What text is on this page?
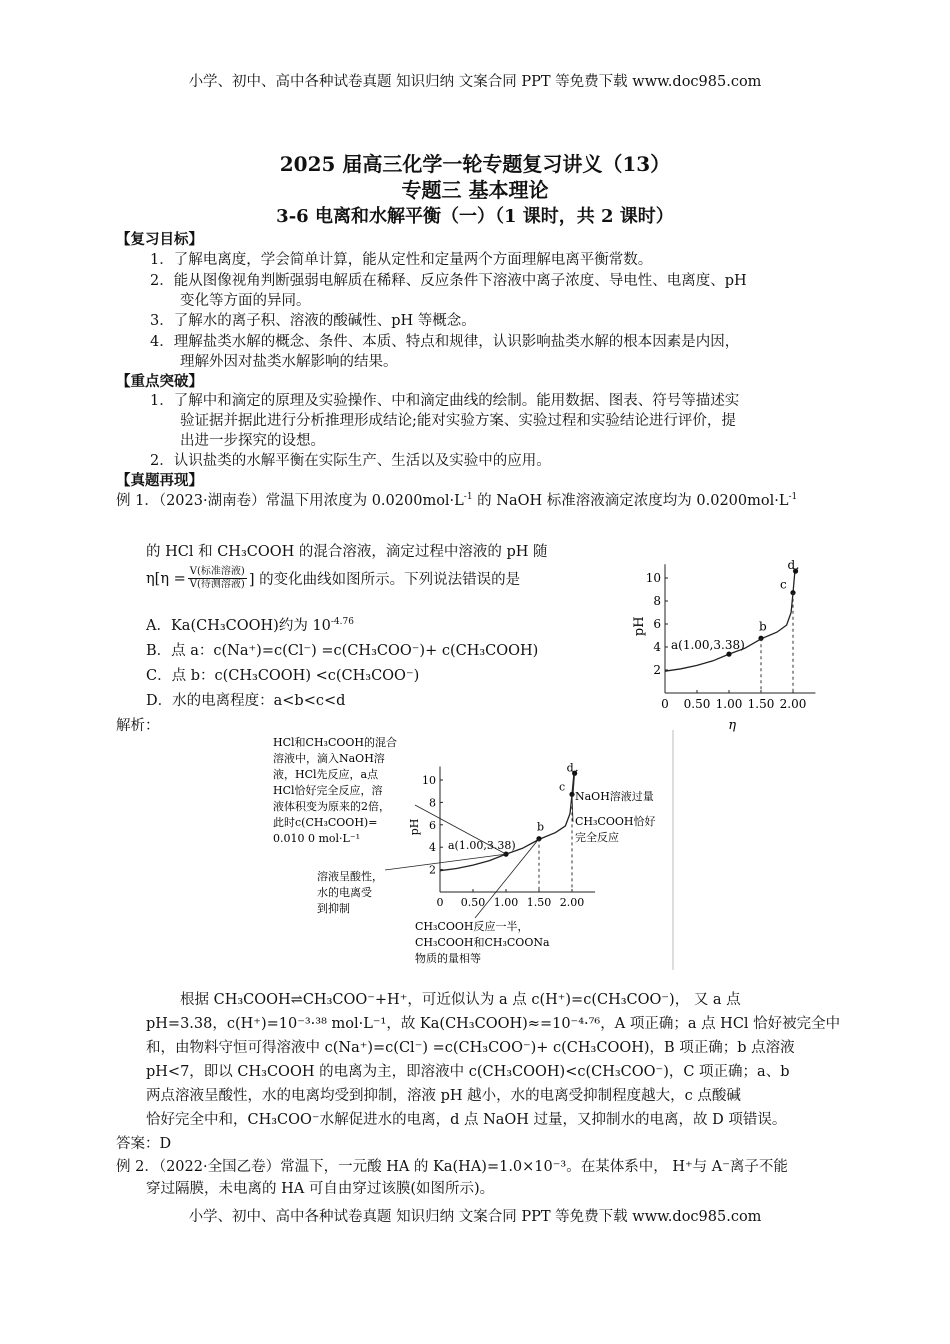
小学、初中、高中各种试卷真题 知识归纳 文案合同 PPT 等免费下载 www.doc985.com
小学、初中、高中各种试卷真题 知识归纳 文案合同 PPT 等免费下载 www.doc985.com
2025 届高三化学一轮专题复习讲义（13）
专题三 基本理论
3-6 电离和水解平衡（一）（1 课时，共 2 课时）
【复习目标】
1．了解电离度，学会简单计算，能从定性和定量两个方面理解电离平衡常数。
2．能从图像视角判断强弱电解质在稀释、反应条件下溶液中离子浓度、导电性、电离度、pH
变化等方面的异同。
3．了解水的离子积、溶液的酸碱性、pH 等概念。
4．理解盐类水解的概念、条件、本质、特点和规律，认识影响盐类水解的根本因素是内因，
理解外因对盐类水解影响的结果。
【重点突破】
1．了解中和滴定的原理及实验操作、中和滴定曲线的绘制。能用数据、图表、符号等描述实
验证据并据此进行分析推理形成结论;能对实验方案、实验过程和实验结论进行评价，提
出进一步探究的设想。
2．认识盐类的水解平衡在实际生产、生活以及实验中的应用。
【真题再现】
例 1．（2023·湖南卷）常温下用浓度为 $0.0200mol\cdot L^{-1}$ 的 NaOH 标准溶液滴定浓度均为 $0.0200mol\cdot L^{-1}$
的 HCl 和 CH₃COOH 的混合溶液，滴定过程中溶液的 pH 随
η[η = V(标准溶液)
V(待测溶液) ] 的变化曲线如图所示。下列说法错误的是
A．Ka(CH₃COOH)约为 $10^{-4.76}$
B．点 a：c(Na⁺)=c(Cl⁻) =c(CH₃COO⁻)+ c(CH₃COOH)
C．点 b：c(CH₃COOH) <c(CH₃COO⁻)
D．水的电离程度：a<b<c<d
解析：
0 0.50 1.00 1.50 2.00
2
4
6
8
10
pH
η
a(1.00,3.38)
b
c
d
0 0.50 1.00 1.50 2.00
2
4
6
8
10
pH
a(1.00,3.38)
b
c
d
HCl和CH₃COOH的混合
溶液中，滴入NaOH溶
液，HCl先反应，a点
HCl恰好完全反应，溶
液体积变为原来的2倍，
此时c(CH₃COOH)=
0.010 0 mol·L⁻¹
溶液呈酸性，
水的电离受
到抑制
CH₃COOH反应一半，
CH₃COOH和CH₃COONa
物质的量相等
NaOH溶液过量
CH₃COOH恰好
完全反应
根据 CH₃COOH⇌CH₃COO⁻+H⁺，可近似认为 a 点 c(H⁺)=c(CH₃COO⁻)， 又 a 点
pH=3.38，c(H⁺)=10⁻³·³⁸ mol·L⁻¹，故 Ka(CH₃COOH)≈=10⁻⁴·⁷⁶，A 项正确；a 点 HCl 恰好被完全中
和，由物料守恒可得溶液中 c(Na⁺)=c(Cl⁻) =c(CH₃COO⁻)+ c(CH₃COOH)，B 项正确；b 点溶液
pH<7，即以 CH₃COOH 的电离为主，即溶液中 c(CH₃COOH)<c(CH₃COO⁻)，C 项正确；a、b
两点溶液呈酸性，水的电离均受到抑制，溶液 pH 越小，水的电离受抑制程度越大，c 点酸碱
恰好完全中和，CH₃COO⁻水解促进水的电离，d 点 NaOH 过量，又抑制水的电离，故 D 项错误。
答案：D
例 2．（2022·全国乙卷）常温下，一元酸 HA 的 Ka(HA)=1.0×10⁻³。在某体系中， H⁺与 A⁻离子不能
穿过隔膜，未电离的 HA 可自由穿过该膜(如图所示)。
